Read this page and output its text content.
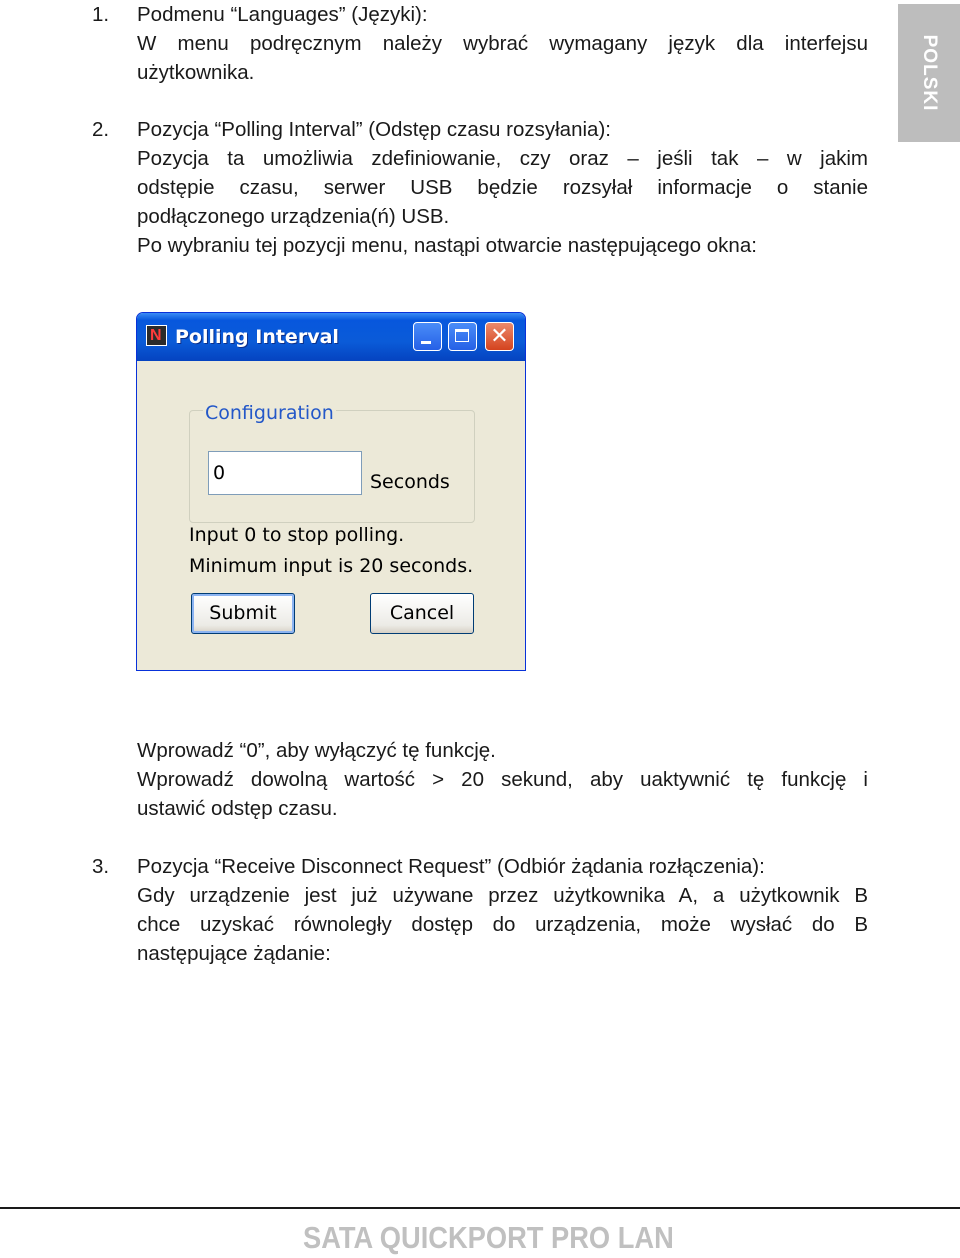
POLSKI
1. Podmenu “Languages” (Języki):
W menu podręcznym należy wybrać wymagany język dla interfejsu
użytkownika.
2. Pozycja “Polling Interval” (Odstęp czasu rozsyłania):
Pozycja ta umożliwia zdefiniowanie, czy oraz – jeśli tak – w jakim
odstępie czasu, serwer USB będzie rozsyłał informacje o stanie
podłączonego urządzenia(ń) USB.
Po wybraniu tej pozycji menu, nastąpi otwarcie następującego okna:
N
Polling Interval	✕
Configuration
0
Seconds
Input 0 to stop polling.
Minimum input is 20 seconds.
Submit	Cancel
Wprowadź “0”, aby wyłączyć tę funkcję.
Wprowadź dowolną wartość > 20 sekund, aby uaktywnić tę funkcję i
ustawić odstęp czasu.
3. Pozycja “Receive Disconnect Request” (Odbiór żądania rozłączenia):
Gdy urządzenie jest już używane przez użytkownika A, a użytkownik B
chce uzyskać równoległy dostęp do urządzenia, może wysłać do B
następujące żądanie:
SATA QUICKPORT PRO LAN
